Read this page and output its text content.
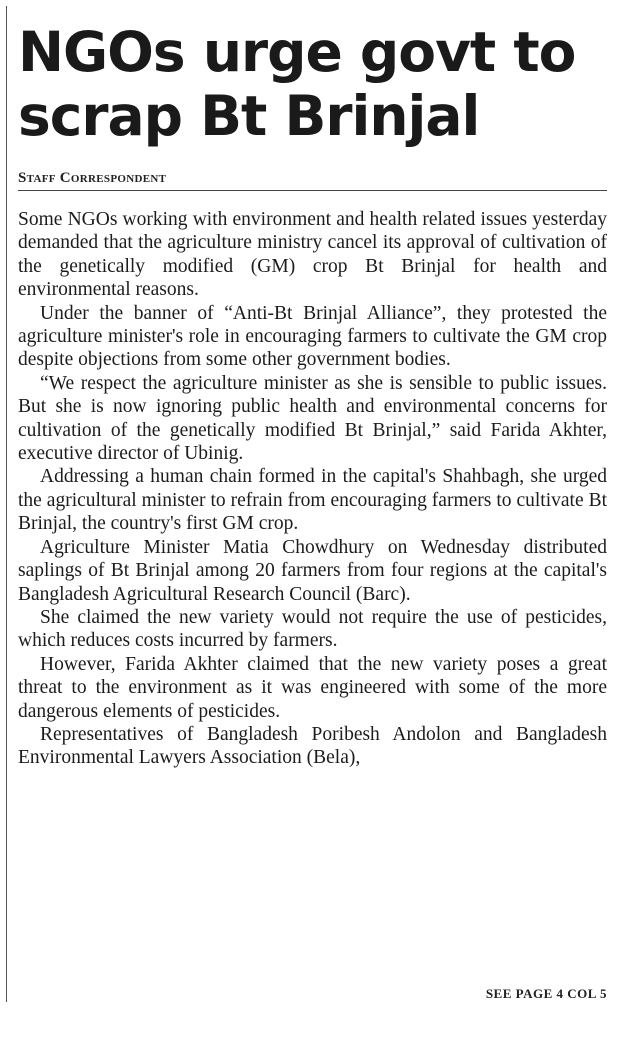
NGOs urge govt to
scrap Bt Brinjal
Staff Correspondent

Some NGOs working with environment and health related issues yesterday demanded that the agriculture ministry cancel its approval of cultivation of the genetically modified (GM) crop Bt Brinjal for health and environmental reasons.

Under the banner of “Anti-Bt Brinjal Alliance”, they protested the agriculture minister's role in encouraging farmers to cultivate the GM crop despite objections from some other government bodies.

“We respect the agriculture minister as she is sensible to public issues. But she is now ignoring public health and environmental concerns for cultivation of the genetically modified Bt Brinjal,” said Farida Akhter, executive director of Ubinig.

Addressing a human chain formed in the capital's Shahbagh, she urged the agricultural minister to refrain from encouraging farmers to cultivate Bt Brinjal, the country's first GM crop.

Agriculture Minister Matia Chowdhury on Wednesday distributed saplings of Bt Brinjal among 20 farmers from four regions at the capital's Bangladesh Agricultural Research Council (Barc).

She claimed the new variety would not require the use of pesticides, which reduces costs incurred by farmers.

However, Farida Akhter claimed that the new variety poses a great threat to the environment as it was engineered with some of the more dangerous elements of pesticides.

Representatives of Bangladesh Poribesh Andolon and Bangladesh Environmental Lawyers Association (Bela),

SEE PAGE 4 COL 5
